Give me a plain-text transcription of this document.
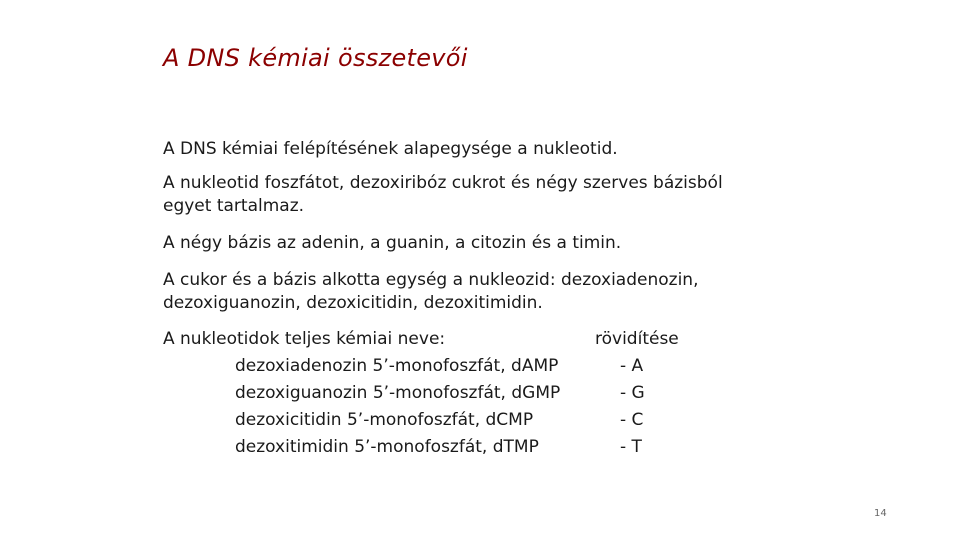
A DNS kémiai összetevői
A DNS kémiai felépítésének alapegysége a nukleotid.
A nukleotid foszfátot, dezoxiribóz cukrot és négy szerves bázisból
egyet tartalmaz.
A négy bázis az adenin, a guanin, a citozin és a timin.
A cukor és a bázis alkotta egység a nukleozid: dezoxiadenozin,
dezoxiguanozin, dezoxicitidin, dezoxitimidin.
A nukleotidok teljes kémiai neve:	rövidítése
dezoxiadenozin 5’-monofoszfát, dAMP	- A
dezoxiguanozin 5’-monofoszfát, dGMP	- G
dezoxicitidin 5’-monofoszfát, dCMP	- C
dezoxitimidin 5’-monofoszfát, dTMP	- T
14
